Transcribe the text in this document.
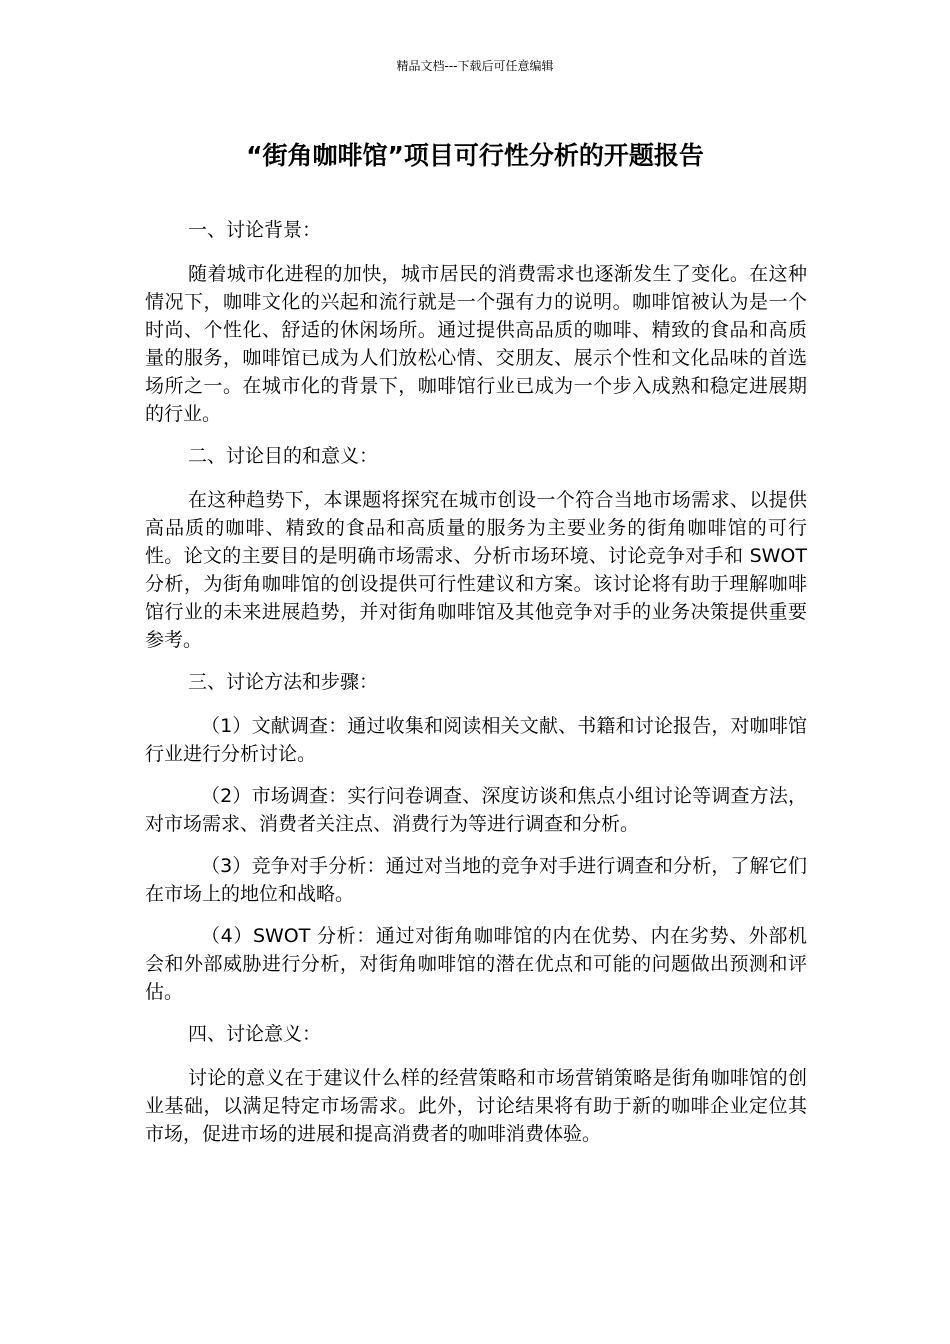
精品文档---下载后可任意编辑
“街角咖啡馆”项目可行性分析的开题报告
一、讨论背景：

随着城市化进程的加快，城市居民的消费需求也逐渐发生了变化。在这种情况下，咖啡文化的兴起和流行就是一个强有力的说明。咖啡馆被认为是一个时尚、个性化、舒适的休闲场所。通过提供高品质的咖啡、精致的食品和高质量的服务，咖啡馆已成为人们放松心情、交朋友、展示个性和文化品味的首选场所之一。在城市化的背景下，咖啡馆行业已成为一个步入成熟和稳定进展期的行业。

二、讨论目的和意义：

在这种趋势下，本课题将探究在城市创设一个符合当地市场需求、以提供高品质的咖啡、精致的食品和高质量的服务为主要业务的街角咖啡馆的可行性。论文的主要目的是明确市场需求、分析市场环境、讨论竞争对手和 SWOT 分析，为街角咖啡馆的创设提供可行性建议和方案。该讨论将有助于理解咖啡馆行业的未来进展趋势，并对街角咖啡馆及其他竞争对手的业务决策提供重要参考。

三、讨论方法和步骤：

（1）文献调查：通过收集和阅读相关文献、书籍和讨论报告，对咖啡馆行业进行分析讨论。

（2）市场调查：实行问卷调查、深度访谈和焦点小组讨论等调查方法，对市场需求、消费者关注点、消费行为等进行调查和分析。

（3）竞争对手分析：通过对当地的竞争对手进行调查和分析，了解它们在市场上的地位和战略。

（4）SWOT 分析：通过对街角咖啡馆的内在优势、内在劣势、外部机会和外部威胁进行分析，对街角咖啡馆的潜在优点和可能的问题做出预测和评估。

四、讨论意义：

讨论的意义在于建议什么样的经营策略和市场营销策略是街角咖啡馆的创业基础，以满足特定市场需求。此外，讨论结果将有助于新的咖啡企业定位其市场，促进市场的进展和提高消费者的咖啡消费体验。
